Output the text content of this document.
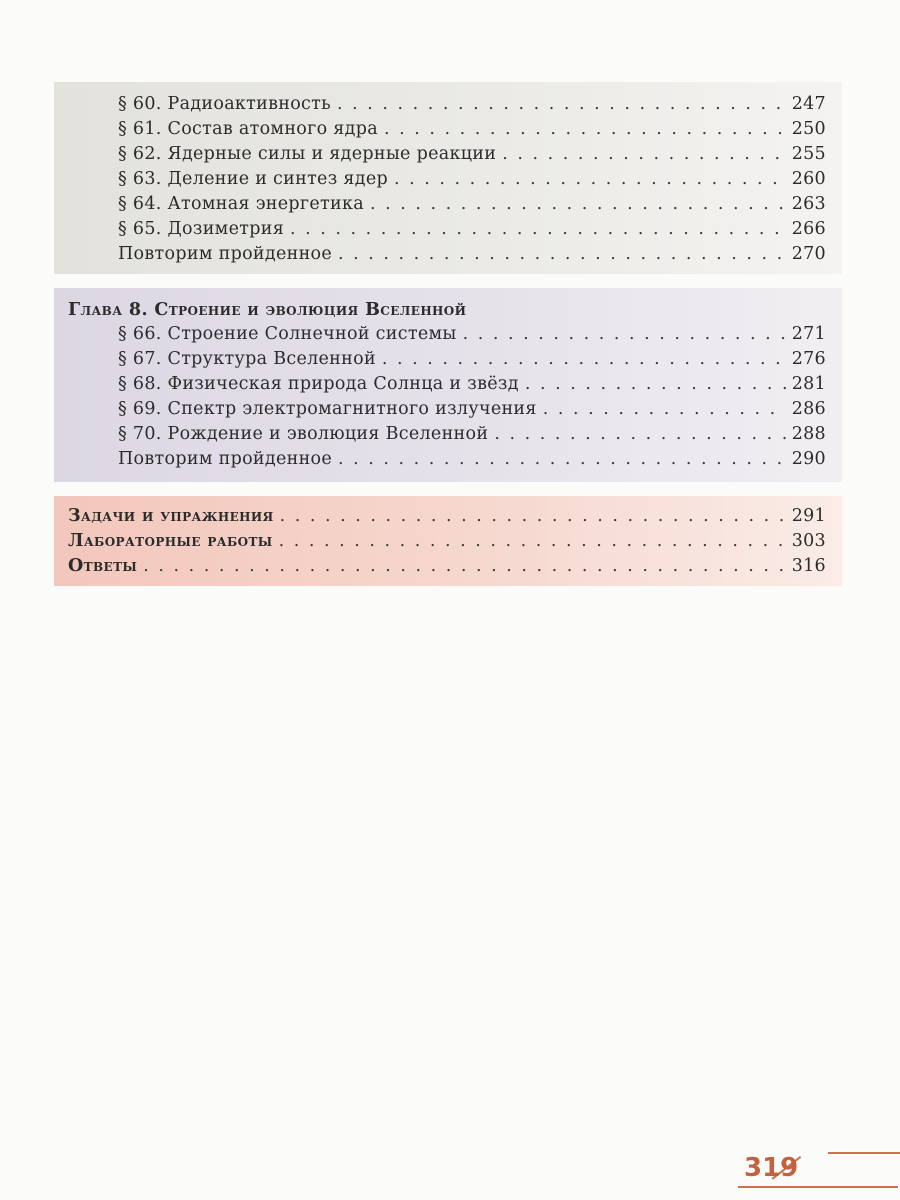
§ 60. Радиоактивность . . .	247
§ 61. Состав атомного ядра . . .	250
§ 62. Ядерные силы и ядерные реакции . . .	255
§ 63. Деление и синтез ядер . . .	260
§ 64. Атомная энергетика . . .	263
§ 65. Дозиметрия . . .	266
Повторим пройденное . . .	270
Глава 8. Строение и эволюция Вселенной
§ 66. Строение Солнечной системы . . .	271
§ 67. Структура Вселенной . . .	276
§ 68. Физическая природа Солнца и звёзд . . .	281
§ 69. Спектр электромагнитного излучения . . .	286
§ 70. Рождение и эволюция Вселенной . . .	288
Повторим пройденное . . .	290
Задачи и упражнения . . .	291
Лабораторные работы . . .	303
Ответы . . .	316
319
